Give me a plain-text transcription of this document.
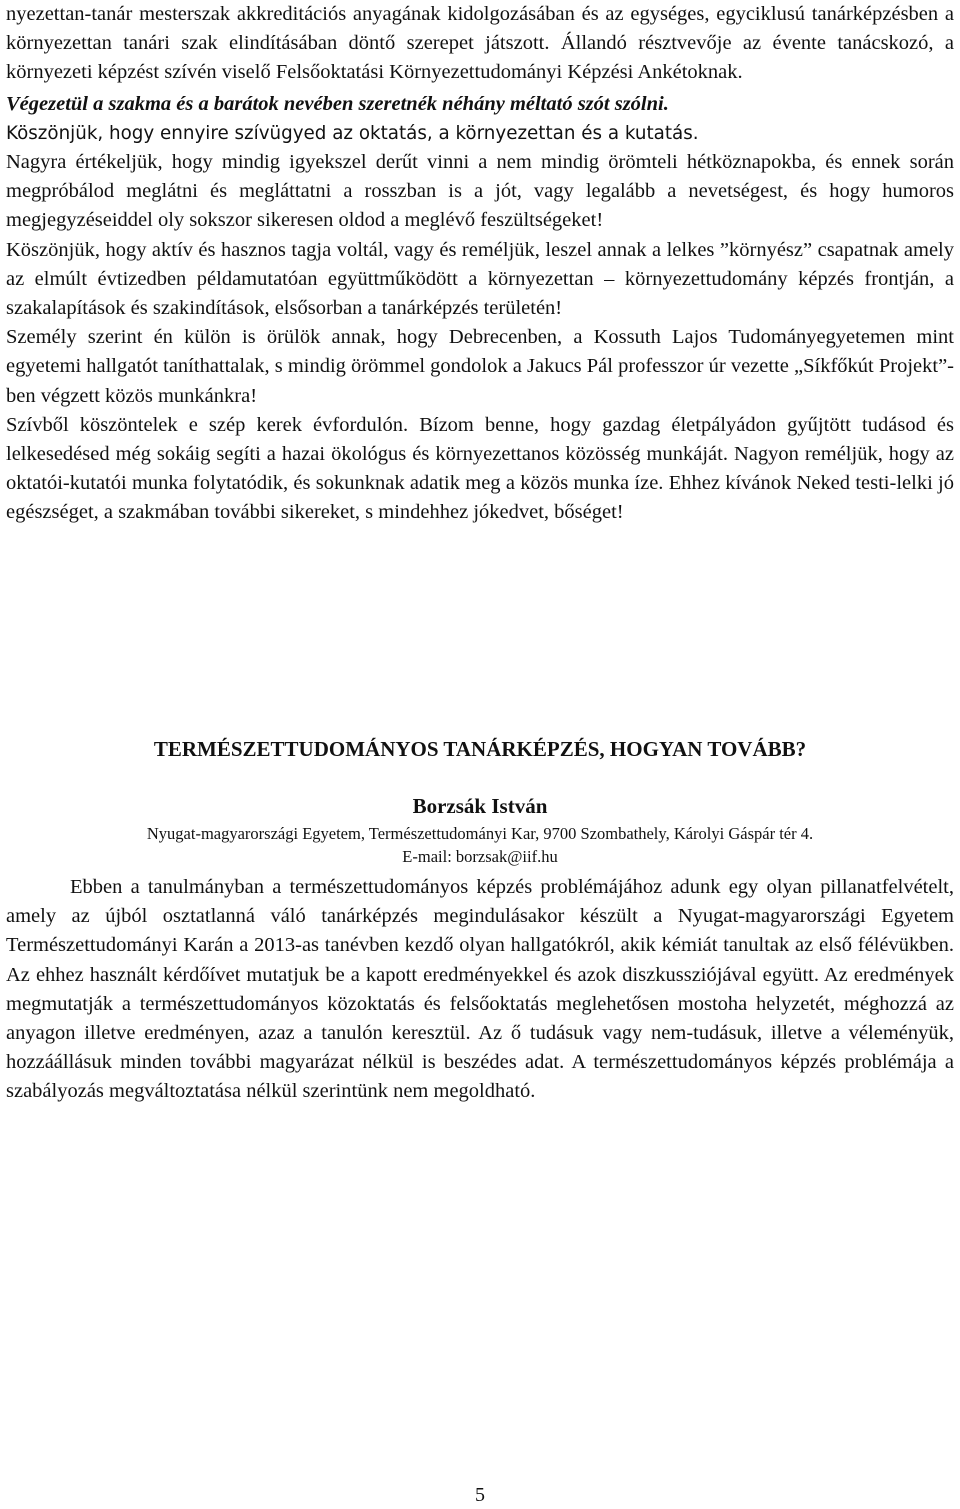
nyezettan-tanár mesterszak akkreditációs anyagának kidolgozásában és az egységes, egyciklusú tanárképzésben a környezettan tanári szak elindításában döntő szerepet játszott. Állandó résztvevője az évente tanácskozó, a környezeti képzést szívén viselő Felsőoktatási Környezettudományi Képzési Ankétoknak.

Végezetül a szakma és a barátok nevében szeretnék néhány méltató szót szólni.

Köszönjük, hogy ennyire szívügyed az oktatás, a környezettan és a kutatás.

Nagyra értékeljük, hogy mindig igyekszel derűt vinni a nem mindig örömteli hétköznapokba, és ennek során megpróbálod meglátni és megláttatni a rosszban is a jót, vagy legalább a nevetségest, és hogy humoros megjegyzéseiddel oly sokszor sikeresen oldod a meglévő feszültségeket!

Köszönjük, hogy aktív és hasznos tagja voltál, vagy és reméljük, leszel annak a lelkes ”környész” csapatnak amely az elmúlt évtizedben példamutatóan együttműködött a környezettan – környezettudomány képzés frontján, a szakalapítások és szakindítások, elsősorban a tanárképzés területén!

Személy szerint én külön is örülök annak, hogy Debrecenben, a Kossuth Lajos Tudományegyetemen mint egyetemi hallgatót taníthattalak, s mindig örömmel gondolok a Jakucs Pál professzor úr vezette „Síkfőkút Projekt”-ben végzett közös munkánkra!

Szívből köszöntelek e szép kerek évfordulón. Bízom benne, hogy gazdag életpályádon gyűjtött tudásod és lelkesedésed még sokáig segíti a hazai ökológus és környezettanos közösség munkáját. Nagyon reméljük, hogy az oktatói-kutatói munka folytatódik, és sokunknak adatik meg a közös munka íze. Ehhez kívánok Neked testi-lelki jó egészséget, a szakmában további sikereket, s mindehhez jókedvet, bőséget!

TERMÉSZETTUDOMÁNYOS TANÁRKÉPZÉS, HOGYAN TOVÁBB?
Borzsák István
Nyugat-magyarországi Egyetem, Természettudományi Kar, 9700 Szombathely, Károlyi Gáspár tér 4.
E-mail: borzsak@iif.hu

Ebben a tanulmányban a természettudományos képzés problémájához adunk egy olyan pillanatfelvételt, amely az újból osztatlanná váló tanárképzés megindulásakor készült a Nyugat-magyarországi Egyetem Természettudományi Karán a 2013-as tanévben kezdő olyan hallgatókról, akik kémiát tanultak az első félévükben. Az ehhez használt kérdőívet mutatjuk be a kapott eredményekkel és azok diszkussziójával együtt. Az eredmények megmutatják a természettudományos közoktatás és felsőoktatás meglehetősen mostoha helyzetét, méghozzá az anyagon illetve eredményen, azaz a tanulón keresztül. Az ő tudásuk vagy nem-tudásuk, illetve a véleményük, hozzáállásuk minden további magyarázat nélkül is beszédes adat. A természettudományos képzés problémája a szabályozás megváltoztatása nélkül szerintünk nem megoldható.

5
